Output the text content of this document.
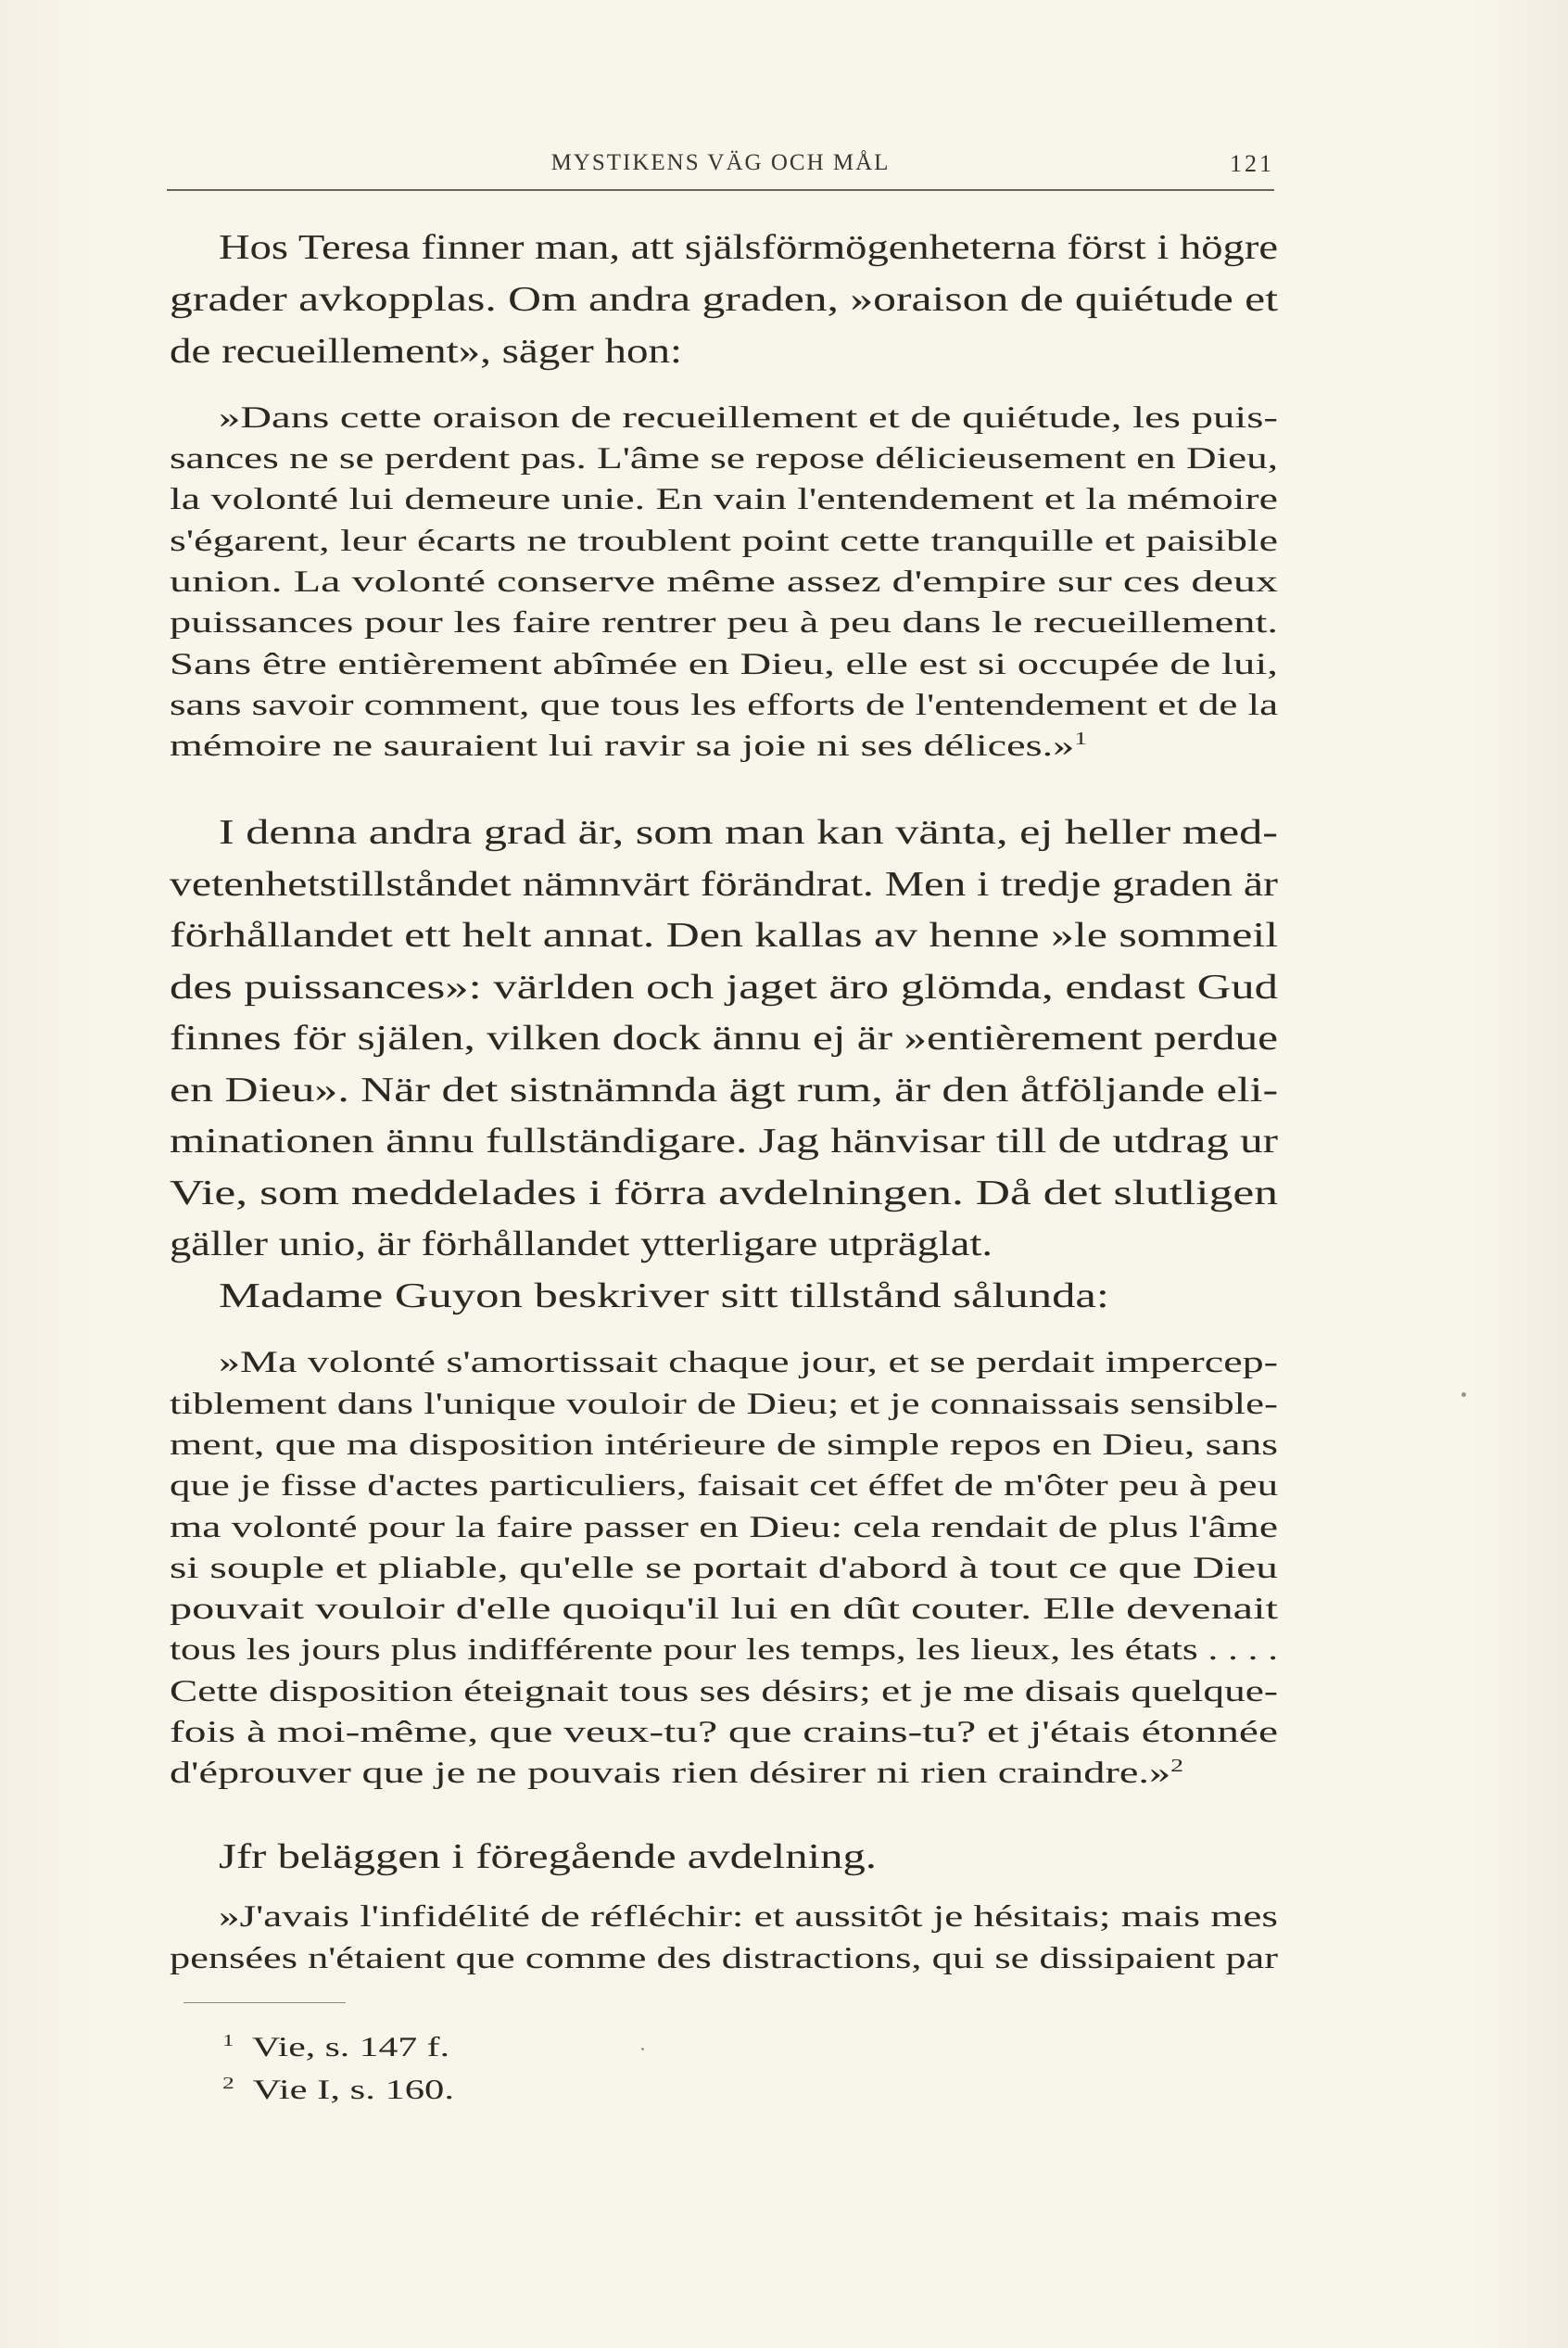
MYSTIKENS VÄG OCH MÅL	121
Hos Teresa finner man, att själsförmögenheterna först i högre
grader avkopplas. Om andra graden, »oraison de quiétude et
de recueillement», säger hon:
»Dans cette oraison de recueillement et de quiétude, les puis-
sances ne se perdent pas. L'âme se repose délicieusement en Dieu,
la volonté lui demeure unie. En vain l'entendement et la mémoire
s'égarent, leur écarts ne troublent point cette tranquille et paisible
union. La volonté conserve même assez d'empire sur ces deux
puissances pour les faire rentrer peu à peu dans le recueillement.
Sans être entièrement abîmée en Dieu, elle est si occupée de lui,
sans savoir comment, que tous les efforts de l'entendement et de la
mémoire ne sauraient lui ravir sa joie ni ses délices.»$^1$
I denna andra grad är, som man kan vänta, ej heller med-
vetenhetstillståndet nämnvärt förändrat. Men i tredje graden är
förhållandet ett helt annat. Den kallas av henne »le sommeil
des puissances»: världen och jaget äro glömda, endast Gud
finnes för själen, vilken dock ännu ej är »entièrement perdue
en Dieu». När det sistnämnda ägt rum, är den åtföljande eli-
minationen ännu fullständigare. Jag hänvisar till de utdrag ur
Vie, som meddelades i förra avdelningen. Då det slutligen
gäller unio, är förhållandet ytterligare utpräglat.
Madame Guyon beskriver sitt tillstånd sålunda:
»Ma volonté s'amortissait chaque jour, et se perdait impercep-
tiblement dans l'unique vouloir de Dieu; et je connaissais sensible-
ment, que ma disposition intérieure de simple repos en Dieu, sans
que je fisse d'actes particuliers, faisait cet éffet de m'ôter peu à peu
ma volonté pour la faire passer en Dieu: cela rendait de plus l'âme
si souple et pliable, qu'elle se portait d'abord à tout ce que Dieu
pouvait vouloir d'elle quoiqu'il lui en dût couter. Elle devenait
tous les jours plus indifférente pour les temps, les lieux, les états . . . .
Cette disposition éteignait tous ses désirs; et je me disais quelque-
fois à moi-même, que veux-tu? que crains-tu? et j'étais étonnée
d'éprouver que je ne pouvais rien désirer ni rien craindre.»$^2$
Jfr beläggen i föregående avdelning.
»J'avais l'infidélité de réfléchir: et aussitôt je hésitais; mais mes
pensées n'étaient que comme des distractions, qui se dissipaient par
$^1$ Vie, s. 147 f.
$^2$ Vie I, s. 160.
